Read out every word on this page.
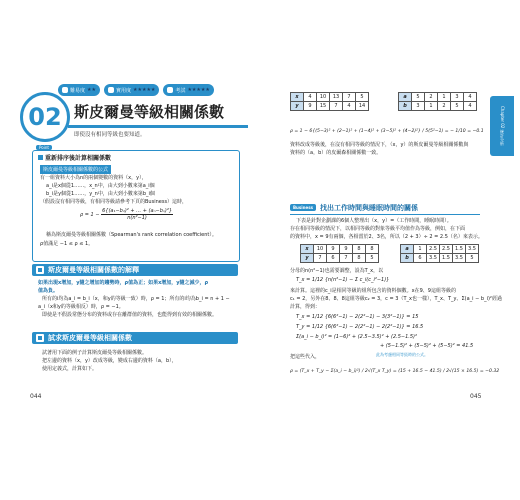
難易度 ★★	實用度 ★★★★★	考試 ★★★★★
02 斯皮爾曼等級相關係數
即使沒有相同等級也要知道。
Point
重新排序後計算相關係數
斯皮爾曼等級相關係數的公式
有一組資料大小為n的兩個變數的資料（x，y），
a_i是x個從1……，x_n中，由大到小數來第a_i個
b_i是y個從1……，y_n中，由大到小數來第b_i個
（假設沒有相同等級，有相同等級請參考下頁的Business）這時，
$\rho = 1 - \frac{\text{6\{(a₁−b₁)² + … + (aₙ−bₙ)²\}}}{\text{n(n²−1)}}$
稱為斯皮爾曼等級相關係數（Spearman's rank correlation coefficient）。
ρ值滿足 −1 ≤ ρ ≤ 1。
斯皮爾曼等級相關係數的解釋
如果出現x增加，y隨之增加的趨勢時，ρ值為正；如果x增加，y隨之減少，ρ
值為負。
所有的i均為a_i = b_i（x，和y的等級一致）時，ρ = 1；所有的i均為b_i = n + 1 −
a_i（x和y的等級相反）時，ρ = −1。
即使是不假設常態分布的資料或存在離群值的資料，也能得到有效的相關係數。
試求斯皮爾曼等級相關係數
試著用下面的例子計算斯皮爾曼等級相關係數。
把左邊的資料（x，y）改成等級，變成右邊的資料（a，b），
使用定義式，計算如下。
044
x	4	10	13	7	5
y	9	15	7	4	14
a	5	2	1	3	4
b	3	1	2	5	4
ρ = 1 − 6{(5−3)² + (2−1)² + (1−4)² + (3−5)² + (4−2)²} / 5(5²−1) = − 1/10 = −0.1
資料改成等級後，在沒有相同等級的情況下，（x，y）的斯皮爾曼等級相關係數與
資料的（a，b）的皮爾森相關係數一致。
Business	找出工作時間與睡眠時間的關係
下表是針對企劃課的6個人整理出（x，y）=（工作時間，睡眠時間）。
存在相同等級的情況下，以相同等級的對象等級平均值作為等級，例如，在下面
的資料中，x = 9有兩個，各相當於2、3名，所以（2 + 3）÷ 2 = 2.5（名）來表示。
x	10	9	9	8	8
y	7	6	7	8	5
a	1	2.5	2.5	1.5	3.5
b	6	3.5	1.5	3.5	5
分母的n(n²−1)也需要調整，設為T_x，以
T_x = 1/12 {n(n²−1) − Σ c_i(c_i²−1)}
來計算。這裡的c_i是相同等級的組所包含的資料個數。x在9、9這組等級的
c₁ = 2，另外在8、8、8這組等級c₂ = 3，c = 3（T_x也一樣），T_x、T_y、Σ(a_i − b_i)²經過
計算，得到：
T_x = 1/12 {6(6²−1) − 2(2²−1) − 3(3²−1)} = 15
T_y = 1/12 {6(6²−1) − 2(2²−1) − 2(2²−1)} = 16.5
Σ(a_i − b_i)² = (1−6)² + (2.5−3.5)² + (2.5−1.5)²
+ (5−1.5)² + (5−5)² + (5−5)² = 41.5
把這些代入，	此為考慮相同等級時的公式。
ρ = (T_x + T_y − Σ(a_i − b_i)²) / 2√(T_x T_y) = (15 + 16.5 − 41.5) / 2√(15 × 16.5) = −0.32
Chapter 02 統計分析
045
